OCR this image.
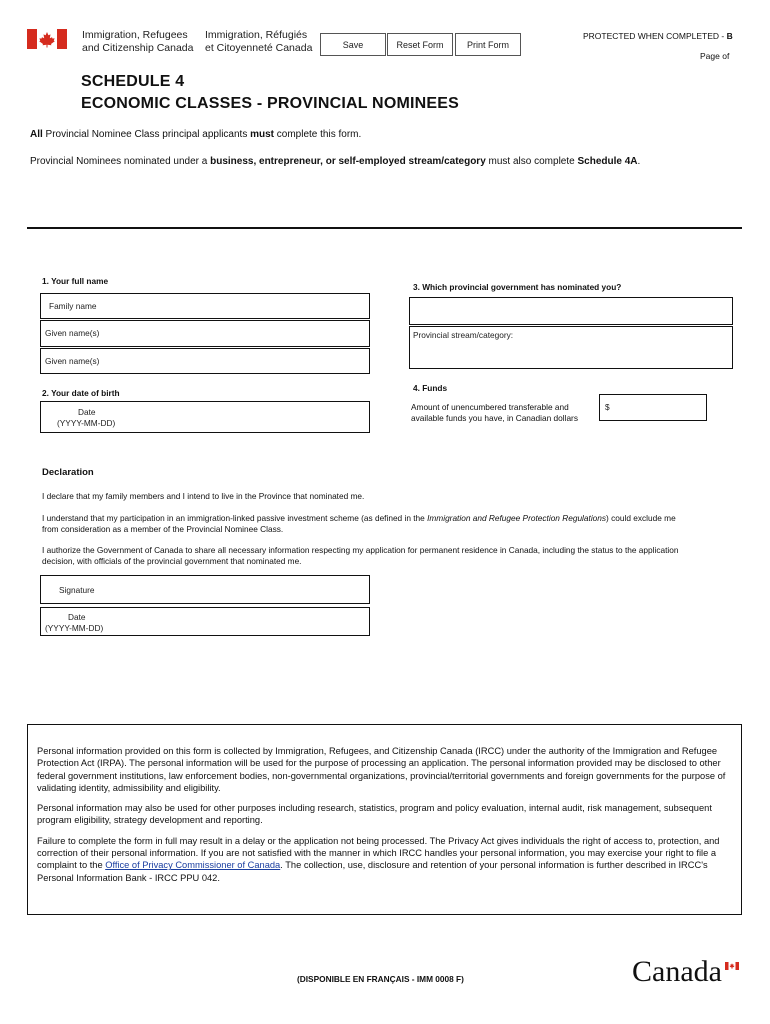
Immigration, Refugees
and Citizenship Canada
Immigration, Réfugiés
et Citoyenneté Canada	Save	Reset Form	Print Form
PROTECTED WHEN COMPLETED - B
Page of
SCHEDULE 4
ECONOMIC CLASSES - PROVINCIAL NOMINEES
All Provincial Nominee Class principal applicants must complete this form.
Provincial Nominees nominated under a business, entrepreneur, or self-employed stream/category must also complete Schedule 4A.
1. Your full name
Family name
Given name(s)
Given name(s)
2. Your date of birth
Date
(YYYY-MM-DD)
3. Which provincial government has nominated you?
Provincial stream/category:
4. Funds
Amount of unencumbered transferable and
available funds you have, in Canadian dollars
$
Declaration
I declare that my family members and I intend to live in the Province that nominated me.
I understand that my participation in an immigration-linked passive investment scheme (as defined in the Immigration and Refugee Protection Regulations) could exclude me
from consideration as a member of the Provincial Nominee Class.
I authorize the Government of Canada to share all necessary information respecting my application for permanent residence in Canada, including the status to the application
decision, with officials of the provincial government that nominated me.
Signature
Date
(YYYY-MM-DD)

Personal information provided on this form is collected by Immigration, Refugees, and Citizenship Canada (IRCC) under the authority of the Immigration and Refugee Protection Act (IRPA). The personal information will be used for the purpose of processing an application. The personal information provided may be disclosed to other federal government institutions, law enforcement bodies, non-governmental organizations, provincial/territorial governments and foreign governments for the purpose of validating identity, admissibility and eligibility.

Personal information may also be used for other purposes including research, statistics, program and policy evaluation, internal audit, risk management, subsequent program eligibility, strategy development and reporting.

Failure to complete the form in full may result in a delay or the application not being processed. The Privacy Act gives individuals the right of access to, protection, and correction of their personal information. If you are not satisfied with the manner in which IRCC handles your personal information, you may exercise your right to file a complaint to the Office of Privacy Commissioner of Canada. The collection, use, disclosure and retention of your personal information is further described in IRCC's Personal Information Bank - IRCC PPU 042.

(DISPONIBLE EN FRANÇAIS - IMM 0008 F)	Canada
